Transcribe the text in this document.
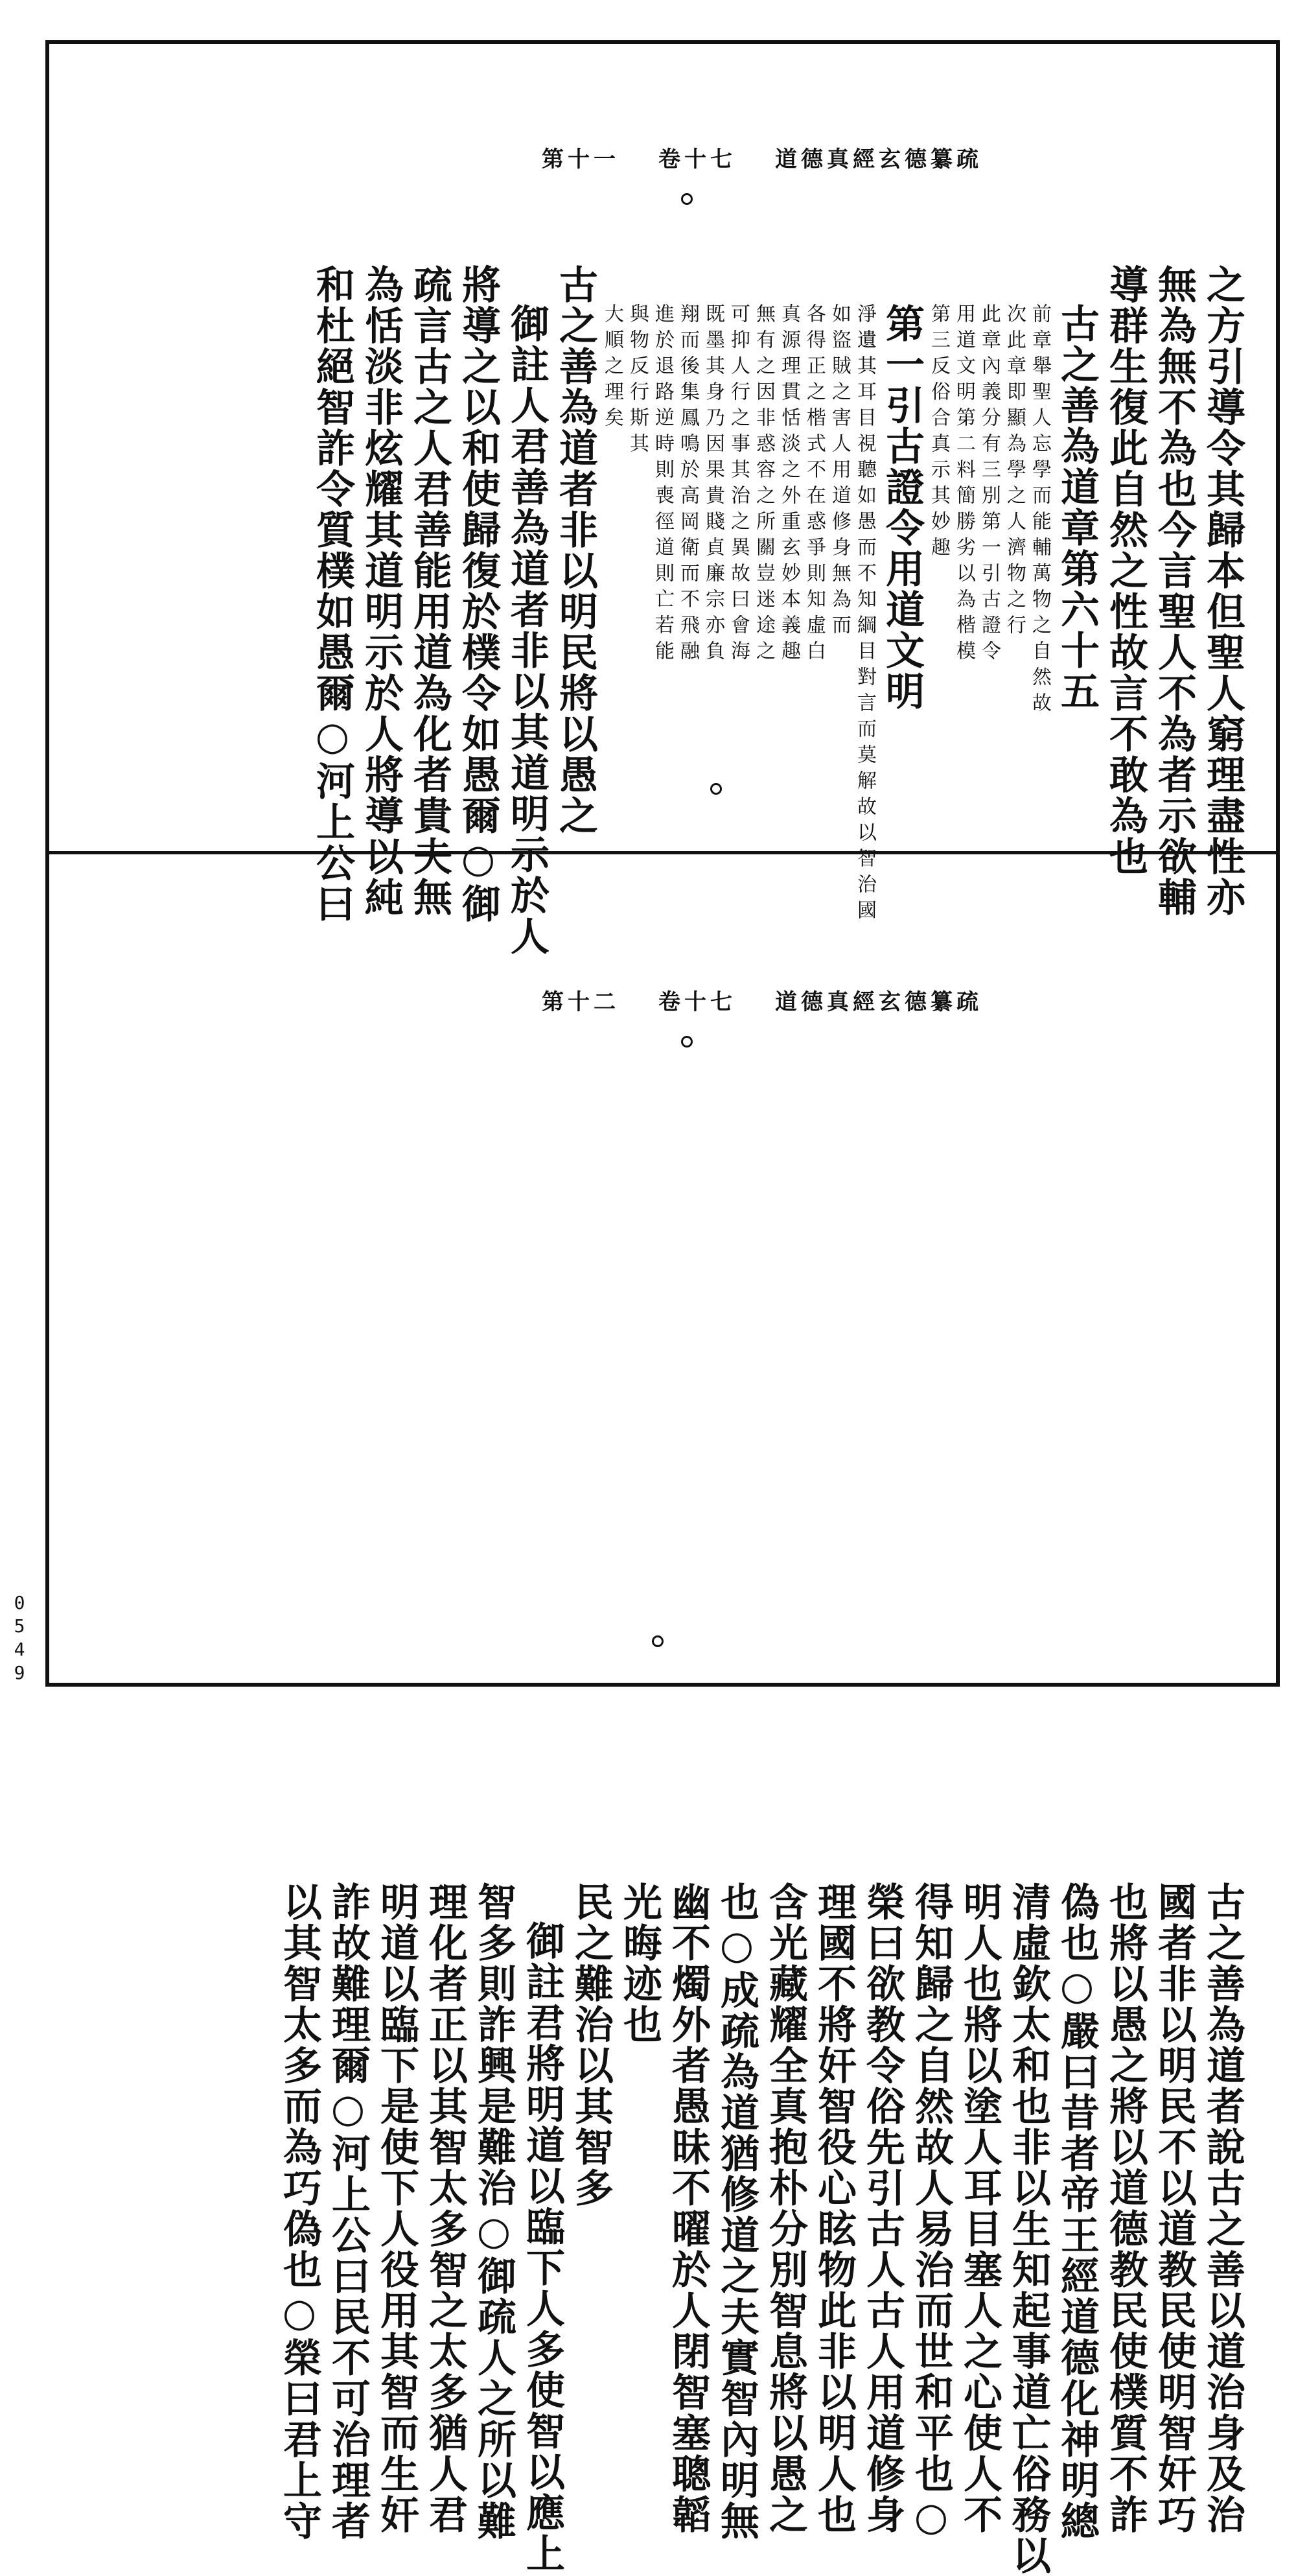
道德真經玄德纂疏卷十七第十一
之方引導令其歸本但聖人窮理盡性亦
無為無不為也今言聖人不為者示欲輔
導群生復此自然之性故言不敢為也
古之善為道章第六十五
前章舉聖人忘學而能輔萬物之自然故
次此章即顯為學之人濟物之行
此章內義分有三別第一引古證令
用道文明第二料簡勝劣以為楷模
第三反俗合真示其妙趣
第一引古證令用道文明
淨遺其耳目視聽如愚而不知綱目對言而莫解故以智治國
如盜賊之害人用道修身無為而
各得正之楷式不在惑爭則知虛白
真源理貫恬淡之外重玄妙本義趣
無有之因非惑容之所關豈迷途之
可抑人行之事其治之異故曰會海
既墨其身乃因果貴賤貞廉宗亦負
翔而後集鳳鳴於高岡衛而不飛融
進於退路逆時則喪徑道則亡若能
與物反行斯其
大順之理矣
古之善為道者非以明民將以愚之
御註人君善為道者非以其道明示於人
將導之以和使歸復於樸令如愚爾○御
疏言古之人君善能用道為化者貴夫無
為恬淡非炫耀其道明示於人將導以純
和杜絕智詐令質樸如愚爾○河上公曰
道德真經玄德纂疏卷十七第十二
古之善為道者說古之善以道治身及治
國者非以明民不以道教民使明智奸巧
也將以愚之將以道德教民使樸質不詐
偽也○嚴曰昔者帝王經道德化神明總
清虛欽太和也非以生知起事道亡俗務以
明人也將以塗人耳目塞人之心使人不
得知歸之自然故人易治而世和平也○
榮曰欲教令俗先引古人古人用道修身
理國不將奸智役心眩物此非以明人也
含光藏耀全真抱朴分別智息將以愚之
也○成疏為道猶修道之夫實智內明無
幽不燭外者愚昧不曜於人閉智塞聰韜
光晦迹也
民之難治以其智多
御註君將明道以臨下人多使智以應上
智多則詐興是難治○御疏人之所以難
理化者正以其智太多智之太多猶人君
明道以臨下是使下人役用其智而生奸
詐故難理爾○河上公曰民不可治理者
以其智太多而為巧偽也○榮曰君上守
0549
